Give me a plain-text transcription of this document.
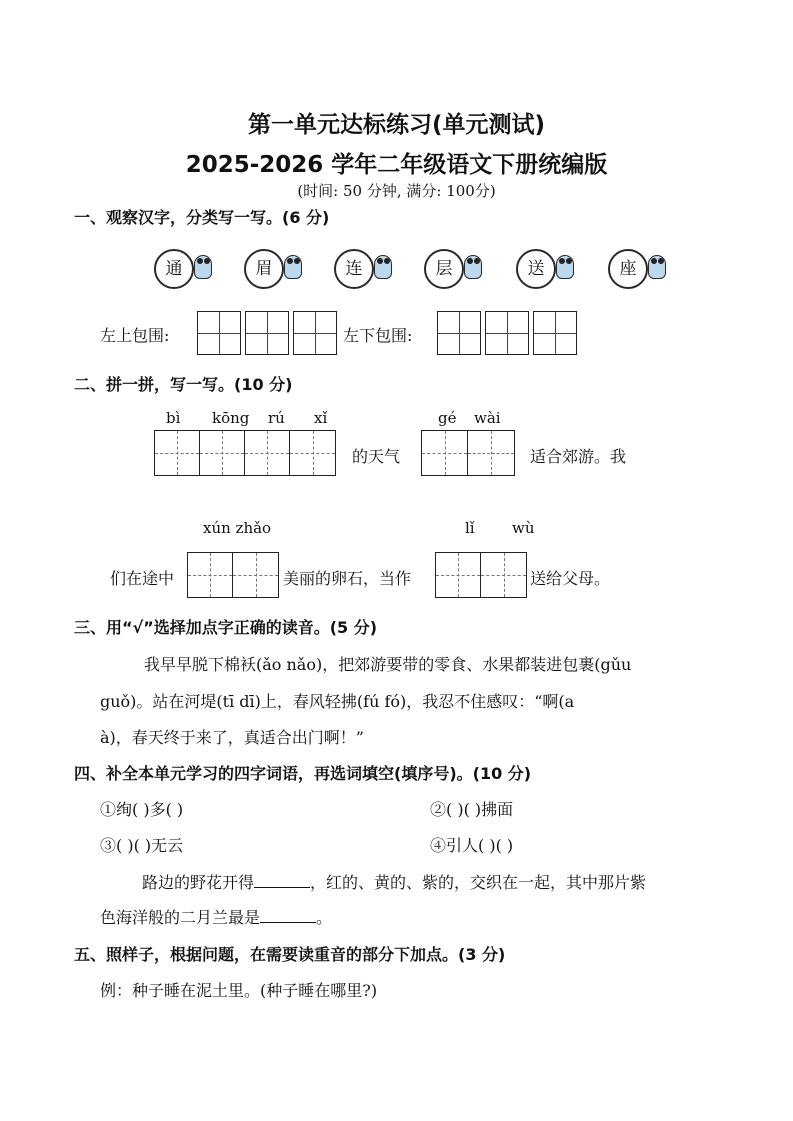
第一单元达标练习(单元测试)
2025-2026 学年二年级语文下册统编版
(时间: 50 分钟, 满分: 100分)
一、观察汉字，分类写一写。(6 分)
通	眉	连	层	送	座
左上包围:	左下包围:
二、拼一拼，写一写。(10 分)
bì kōng rú xǐ
的天气
gé wài
适合郊游。我
xún zhǎo	lǐ wù
们在途中	美丽的卵石，当作	送给父母。
三、用“√”选择加点字正确的读音。(5 分)
我早早脱下棉袄(ǎo nǎo)，把郊游要带的零食、水果都装进包裹(gǔu
guǒ)。站在河堤(tī dī)上，春风轻拂(fú fó)，我忍不住感叹：“啊(a
à)，春天终于来了，真适合出门啊！”
四、补全本单元学习的四字词语，再选词填空(填序号)。(10 分)
①绚( )多( )	②( )( )拂面
③( )( )无云	④引人( )( )
路边的野花开得	，红的、黄的、紫的，交织在一起，其中那片紫
色海洋般的二月兰最是	。
五、照样子，根据问题，在需要读重音的部分下加点。(3 分)
例：种子睡在泥土里。(种子睡在哪里?)
